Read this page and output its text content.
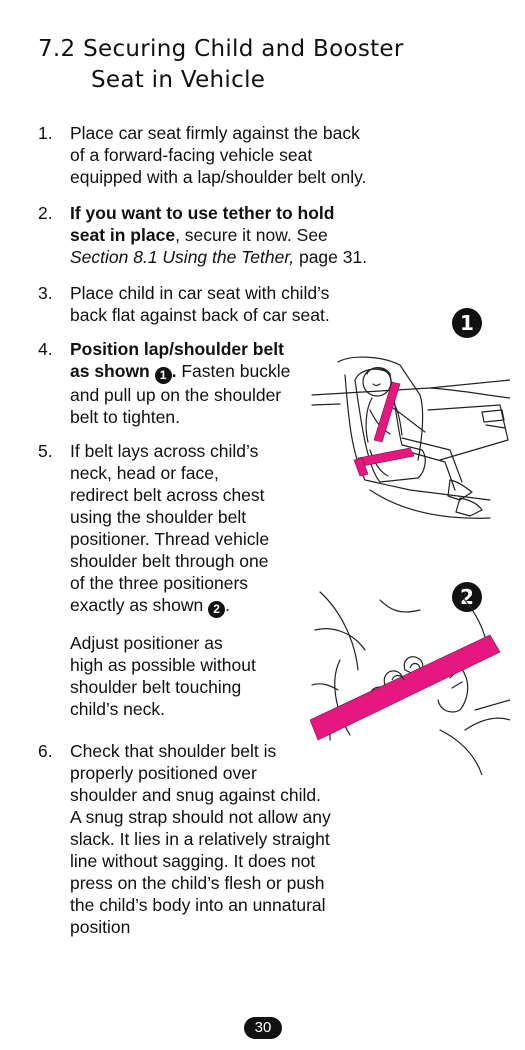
7.2 Securing Child and Booster
Seat in Vehicle
1. Place car seat firmly against the back
of a forward-facing vehicle seat
equipped with a lap/shoulder belt only.
2. If you want to use tether to hold
seat in place, secure it now. See
Section 8.1 Using the Tether, page 31.
3. Place child in car seat with child’s
back flat against back of car seat.
4. Position lap/shoulder belt
as shown 1 . Fasten buckle
and pull up on the shoulder
belt to tighten.
5. If belt lays across child’s
neck, head or face,
redirect belt across chest
using the shoulder belt
positioner. Thread vehicle
shoulder belt through one
of the three positioners
exactly as shown 2 .
Adjust positioner as
high as possible without
shoulder belt touching
child’s neck.
6. Check that shoulder belt is
properly positioned over
shoulder and snug against child.
A snug strap should not allow any
slack. It lies in a relatively straight
line without sagging. It does not
press on the child’s flesh or push
the child’s body into an unnatural
position
1
2
30
